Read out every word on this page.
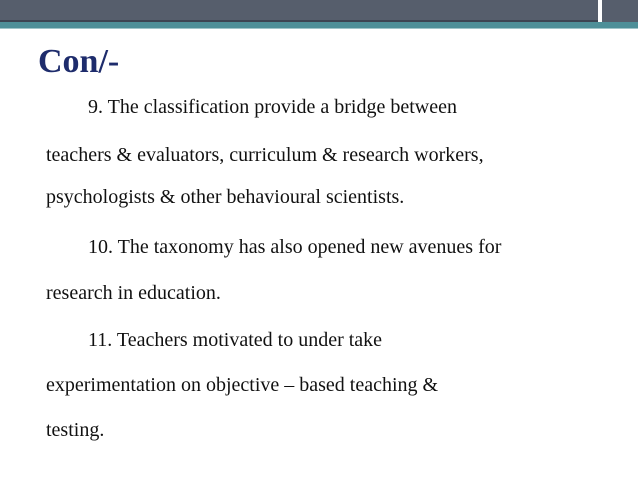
Con/-

9. The classification provide a bridge between

teachers & evaluators, curriculum & research workers,

psychologists & other behavioural scientists.

10. The taxonomy has also opened new avenues for

research in education.

11. Teachers motivated to under take

experimentation on objective – based teaching &

testing.
